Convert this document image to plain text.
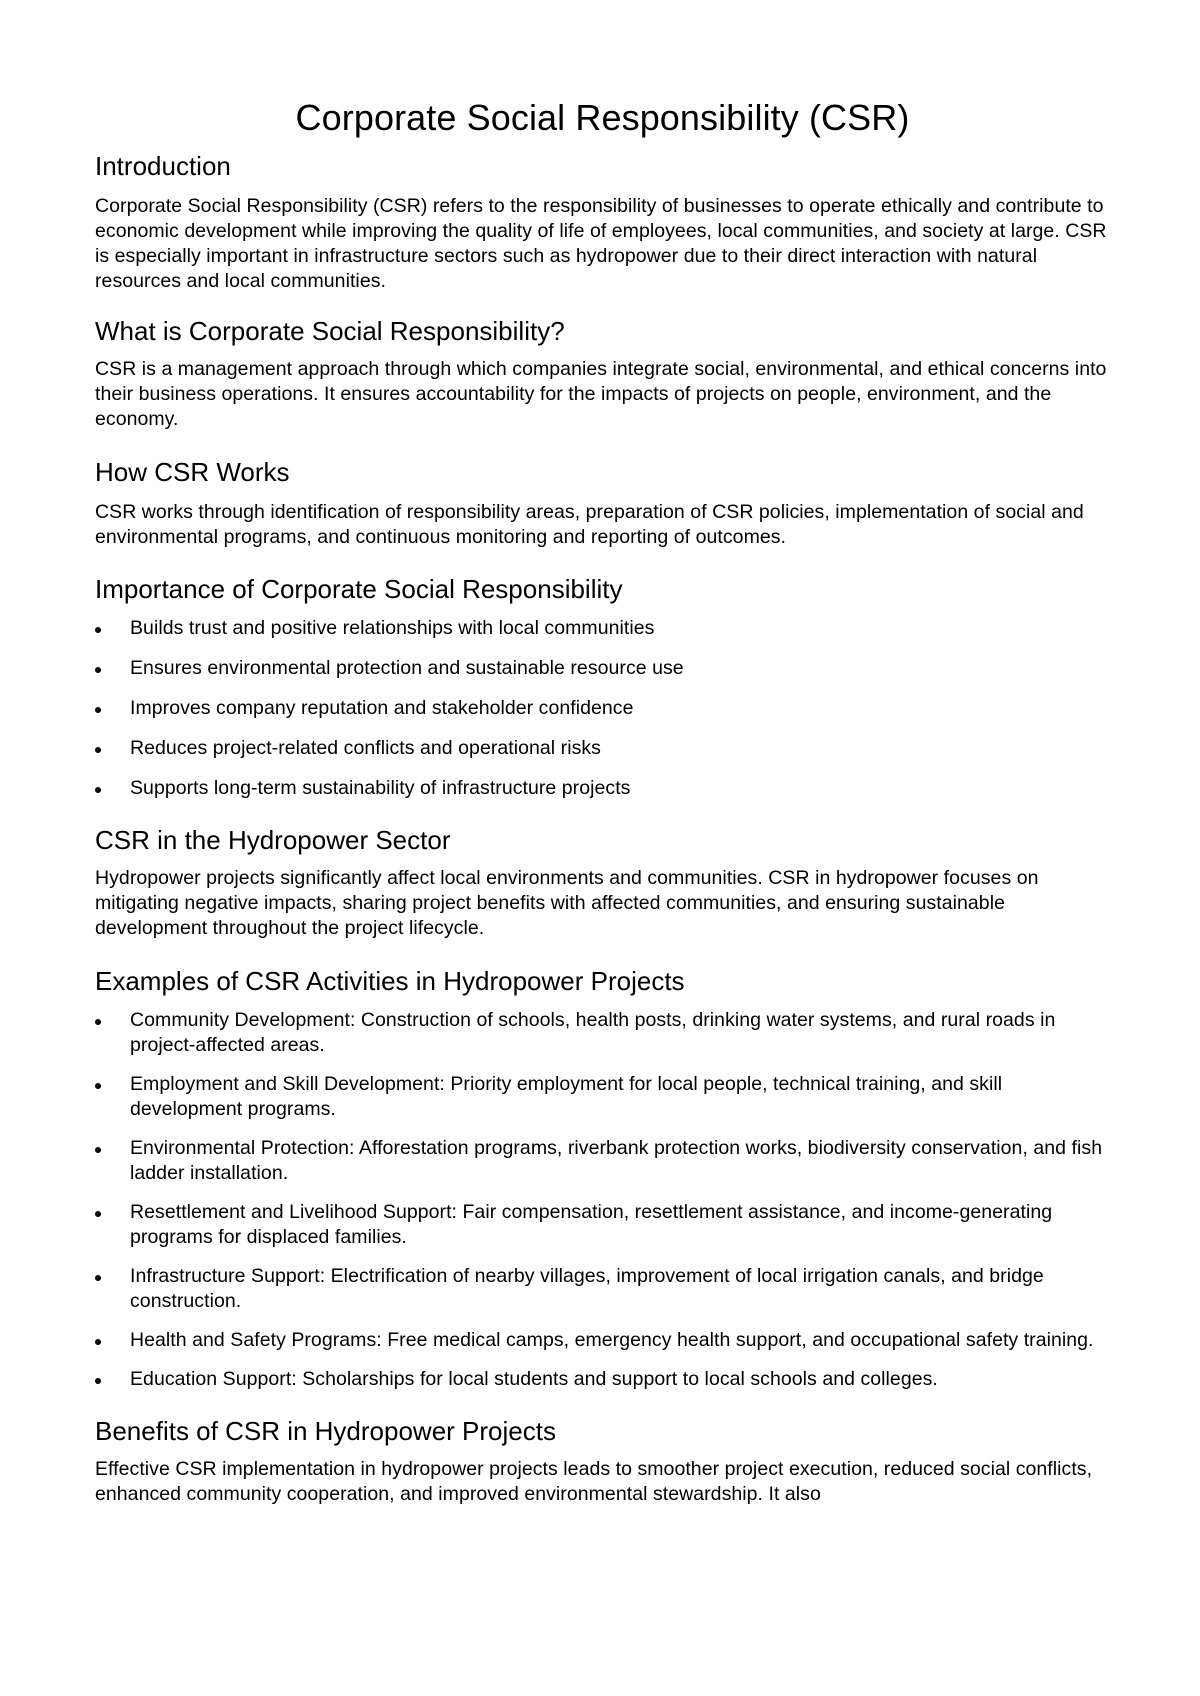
Corporate Social Responsibility (CSR)
Introduction

Corporate Social Responsibility (CSR) refers to the responsibility of businesses to operate ethically and contribute to economic development while improving the quality of life of employees, local communities, and society at large. CSR is especially important in infrastructure sectors such as hydropower due to their direct interaction with natural resources and local communities.

What is Corporate Social Responsibility?

CSR is a management approach through which companies integrate social, environmental, and ethical concerns into their business operations. It ensures accountability for the impacts of projects on people, environment, and the economy.

How CSR Works

CSR works through identification of responsibility areas, preparation of CSR policies, implementation of social and environmental programs, and continuous monitoring and reporting of outcomes.

Importance of Corporate Social Responsibility
Builds trust and positive relationships with local communities
Ensures environmental protection and sustainable resource use
Improves company reputation and stakeholder confidence
Reduces project-related conflicts and operational risks
Supports long-term sustainability of infrastructure projects
CSR in the Hydropower Sector

Hydropower projects significantly affect local environments and communities. CSR in hydropower focuses on mitigating negative impacts, sharing project benefits with affected communities, and ensuring sustainable development throughout the project lifecycle.

Examples of CSR Activities in Hydropower Projects
Community Development: Construction of schools, health posts, drinking water systems, and rural roads in project-affected areas.
Employment and Skill Development: Priority employment for local people, technical training, and skill development programs.
Environmental Protection: Afforestation programs, riverbank protection works, biodiversity conservation, and fish ladder installation.
Resettlement and Livelihood Support: Fair compensation, resettlement assistance, and income-generating programs for displaced families.
Infrastructure Support: Electrification of nearby villages, improvement of local irrigation canals, and bridge construction.
Health and Safety Programs: Free medical camps, emergency health support, and occupational safety training.
Education Support: Scholarships for local students and support to local schools and colleges.
Benefits of CSR in Hydropower Projects

Effective CSR implementation in hydropower projects leads to smoother project execution, reduced social conflicts, enhanced community cooperation, and improved environmental stewardship. It also
